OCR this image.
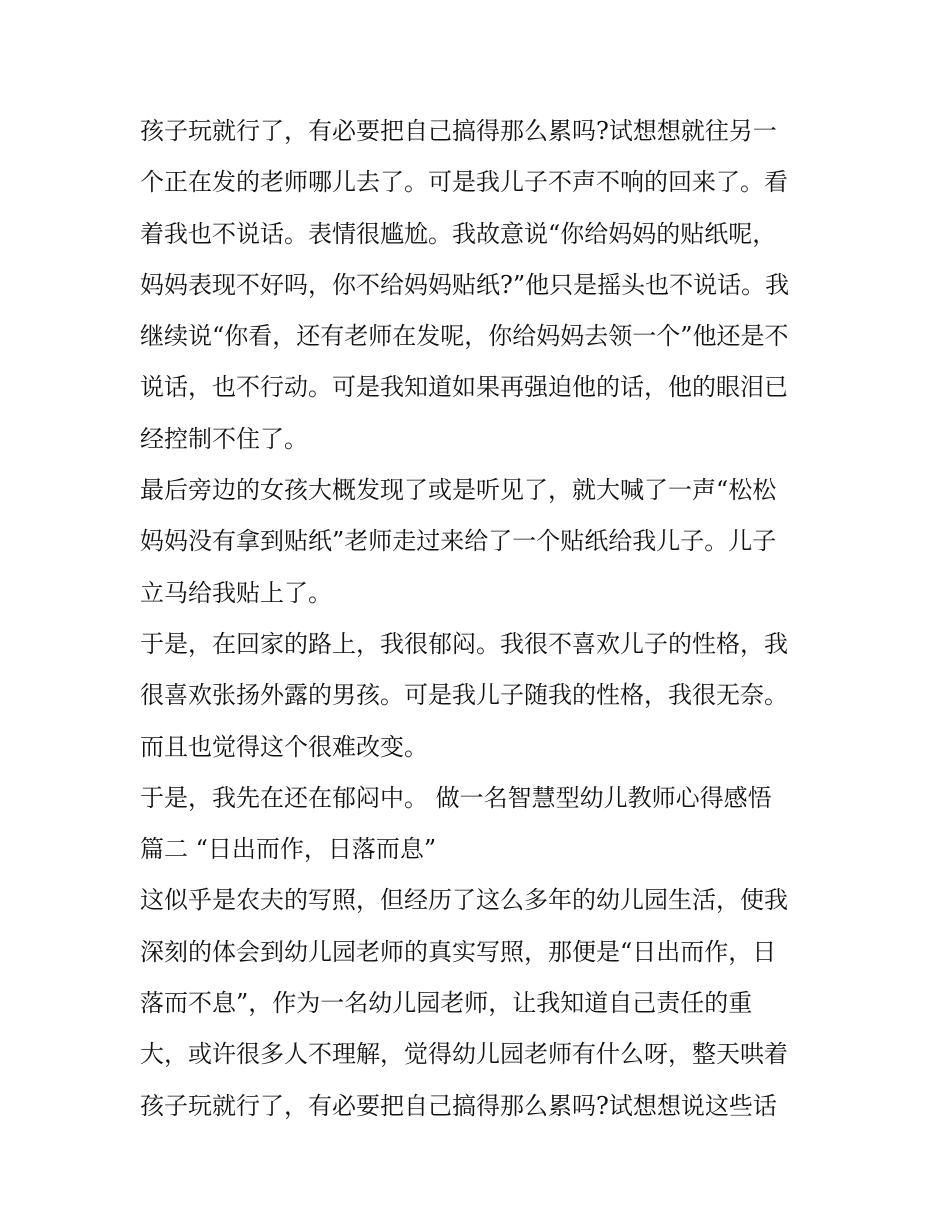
孩子玩就行了，有必要把自己搞得那么累吗?试想想就往另一
个正在发的老师哪儿去了。可是我儿子不声不响的回来了。看
着我也不说话。表情很尴尬。我故意说“你给妈妈的贴纸呢，
妈妈表现不好吗，你不给妈妈贴纸?”他只是摇头也不说话。我
继续说“你看，还有老师在发呢，你给妈妈去领一个”他还是不
说话，也不行动。可是我知道如果再强迫他的话，他的眼泪已
经控制不住了。
最后旁边的女孩大概发现了或是听见了，就大喊了一声“松松
妈妈没有拿到贴纸”老师走过来给了一个贴纸给我儿子。儿子
立马给我贴上了。
于是，在回家的路上，我很郁闷。我很不喜欢儿子的性格，我
很喜欢张扬外露的男孩。可是我儿子随我的性格，我很无奈。
而且也觉得这个很难改变。
于是，我先在还在郁闷中。 做一名智慧型幼儿教师心得感悟
篇二 “日出而作，日落而息”
这似乎是农夫的写照，但经历了这么多年的幼儿园生活，使我
深刻的体会到幼儿园老师的真实写照，那便是“日出而作，日
落而不息”，作为一名幼儿园老师，让我知道自己责任的重
大，或许很多人不理解，觉得幼儿园老师有什么呀，整天哄着
孩子玩就行了，有必要把自己搞得那么累吗?试想想说这些话
